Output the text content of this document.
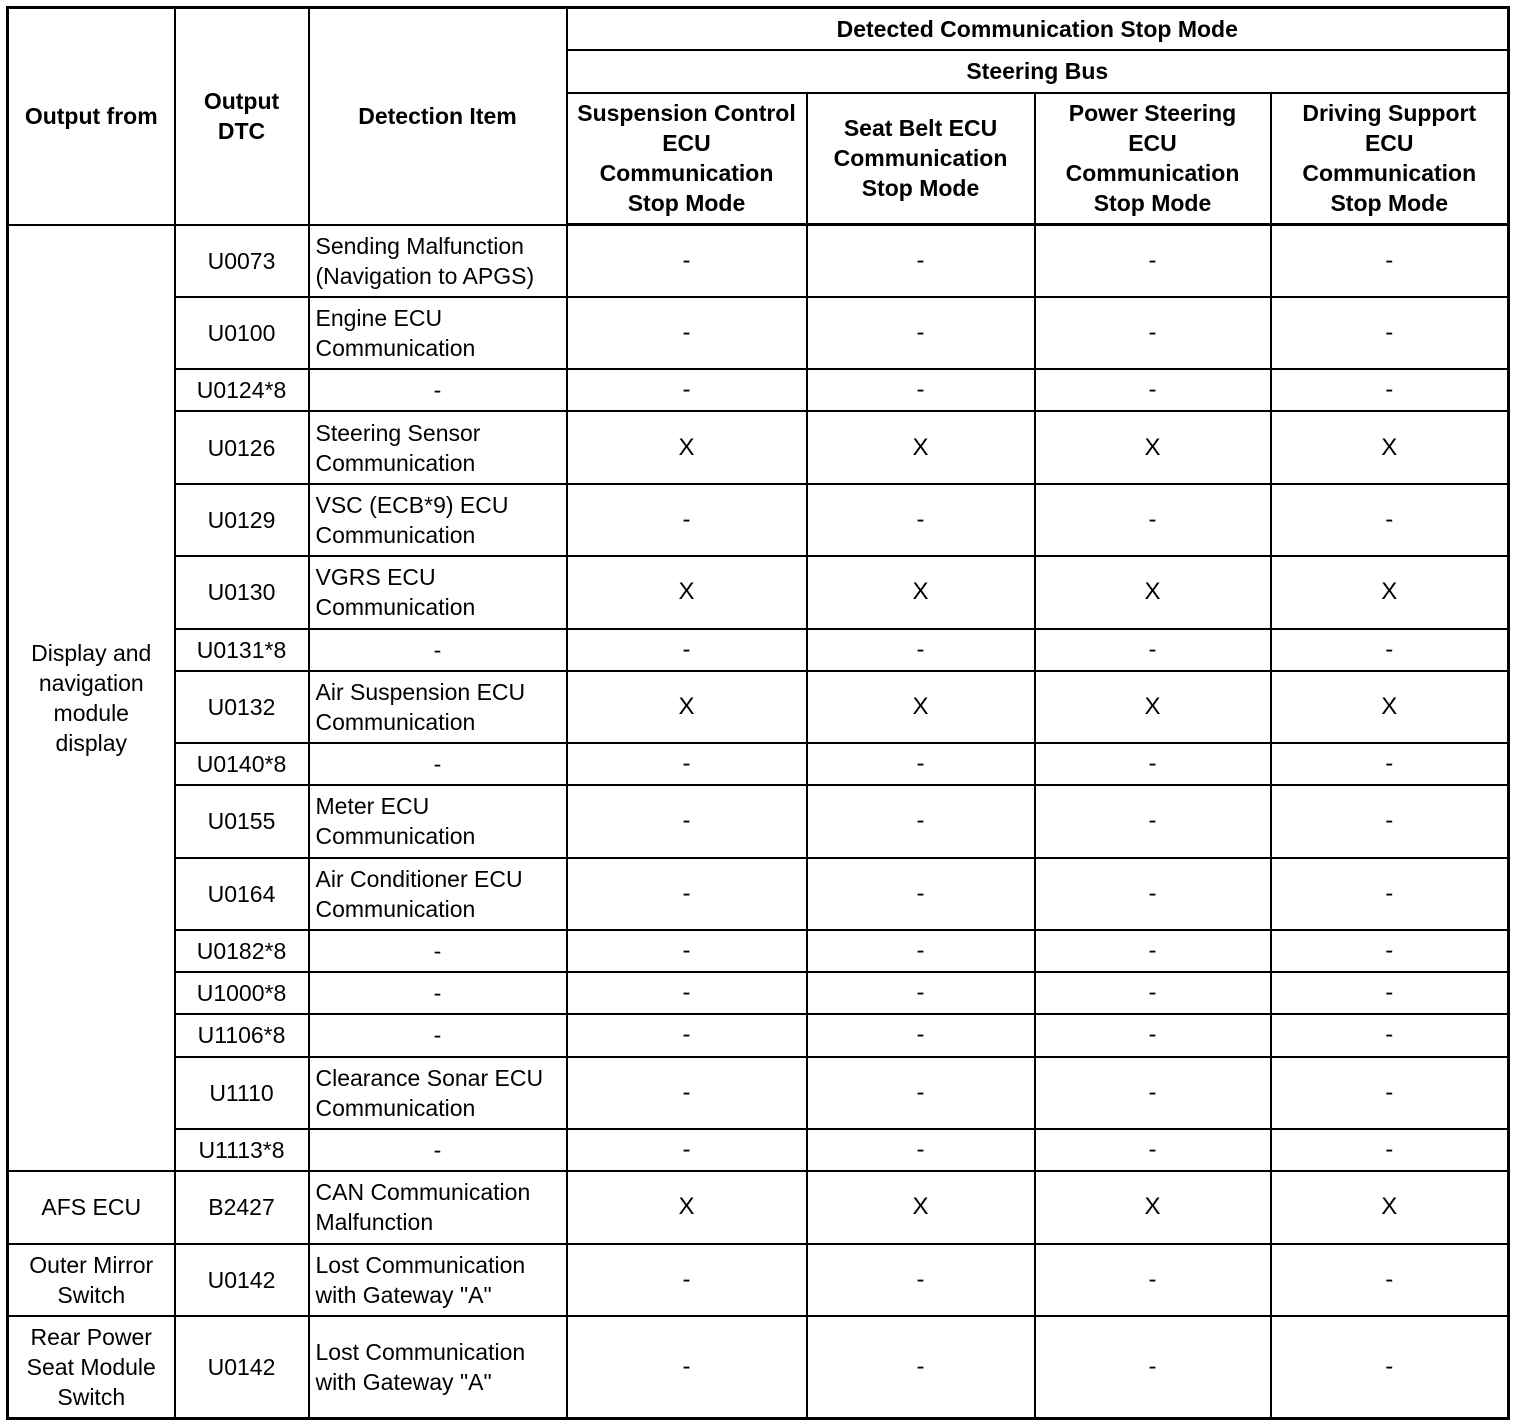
Output from	Output DTC	Detection Item	Detected Communication Stop Mode			
			Steering Bus			
			Suspension Control ECU Communication Stop Mode	Seat Belt ECU Communication Stop Mode	Power Steering ECU Communication Stop Mode	Driving Support ECU Communication Stop Mode
Display and navigation module display	U0073	Sending Malfunction (Navigation to APGS)	-	-	-	-
	U0100	Engine ECU Communication	-	-	-	-
	U0124*8	-	-	-	-	-
	U0126	Steering Sensor Communication	X	X	X	X
	U0129	VSC (ECB*9) ECU Communication	-	-	-	-
	U0130	VGRS ECU Communication	X	X	X	X
	U0131*8	-	-	-	-	-
	U0132	Air Suspension ECU Communication	X	X	X	X
	U0140*8	-	-	-	-	-
	U0155	Meter ECU Communication	-	-	-	-
	U0164	Air Conditioner ECU Communication	-	-	-	-
	U0182*8	-	-	-	-	-
	U1000*8	-	-	-	-	-
	U1106*8	-	-	-	-	-
	U1110	Clearance Sonar ECU Communication	-	-	-	-
	U1113*8	-	-	-	-	-
AFS ECU	B2427	CAN Communication Malfunction	X	X	X	X
Outer Mirror Switch	U0142	Lost Communication with Gateway "A"	-	-	-	-
Rear Power Seat Module Switch	U0142	Lost Communication with Gateway "A"	-	-	-	-
